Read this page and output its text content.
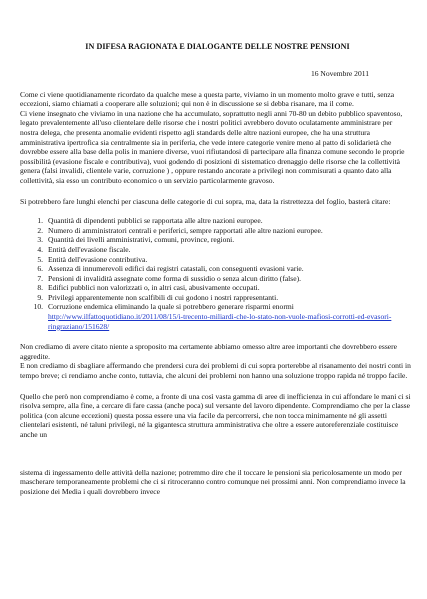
IN DIFESA RAGIONATA E DIALOGANTE DELLE NOSTRE PENSIONI
16 Novembre 2011

Come ci viene quotidianamente ricordato da qualche mese a questa parte, viviamo in un momento molto grave e tutti, senza eccezioni, siamo chiamati a cooperare alle soluzioni; qui non è in discussione se si debba risanare, ma il come.

Ci viene insegnato che viviamo in una nazione che ha accumulato, soprattutto negli anni 70-80 un debito pubblico spaventoso, legato prevalentemente all'uso clientelare delle risorse che i nostri politici avrebbero dovuto oculatamente amministrare per nostra delega, che presenta anomalie evidenti rispetto agli standards delle altre nazioni europee, che ha una struttura amministrativa ipertrofica sia centralmente sia in periferia, che vede intere categorie venire meno al patto di solidarietà che dovrebbe essere alla base della polis in maniere diverse, vuoi rifiutandosi di partecipare alla finanza comune secondo le proprie possibilità (evasione fiscale e contributiva), vuoi godendo di posizioni di sistematico drenaggio delle risorse che la collettività genera (falsi invalidi, clientele varie, corruzione ) , oppure restando ancorate a privilegi non commisurati a quanto dato alla collettività, sia esso un contributo economico o un servizio particolarmente gravoso.

Si potrebbero fare lunghi elenchi per ciascuna delle categorie di cui sopra, ma, data la ristrettezza del foglio, basterà citare:
1. Quantità di dipendenti pubblici se rapportata alle altre nazioni europee.
2. Numero di amministratori centrali e periferici, sempre rapportati alle altre nazioni europee.
3. Quantità dei livelli amministrativi, comuni, province, regioni.
4. Entità dell'evasione fiscale.
5. Entità dell'evasione contributiva.
6. Assenza di innumerevoli edifici dai registri catastali, con conseguenti evasioni varie.
7. Pensioni di invalidità assegnate come forma di sussidio o senza alcun diritto (false).
8. Edifici pubblici non valorizzati o, in altri casi, abusivamente occupati.
9. Privilegi apparentemente non scalfibili di cui godono i nostri rappresentanti.
10. Corruzione endemica eliminando la quale si potrebbero generare risparmi enormi
http://www.ilfattoquotidiano.it/2011/08/15/i-trecento-miliardi-che-lo-stato-non-vuole-mafiosi-corrotti-ed-evasori-ringraziano/151628/

Non crediamo di avere citato niente a sproposito ma certamente abbiamo omesso altre aree importanti che dovrebbero essere aggredite.

E non crediamo di sbagliare affermando che prendersi cura dei problemi di cui sopra porterebbe al risanamento dei nostri conti in tempo breve; ci rendiamo anche conto, tuttavia, che alcuni dei problemi non hanno una soluzione troppo rapida né troppo facile.

Quello che però non comprendiamo è come, a fronte di una così vasta gamma di aree di inefficienza in cui affondare le mani ci si risolva sempre, alla fine, a cercare di fare cassa (anche poca) sul versante del lavoro dipendente. Comprendiamo che per la classe politica (con alcune eccezioni) questa possa essere una via facile da percorrersi, che non tocca minimamente né gli assetti clientelari esistenti, né taluni privilegi, né la gigantesca struttura amministrativa che oltre a essere autoreferenziale costituisce anche un
sistema di ingessamento delle attività della nazione; potremmo dire che il toccare le pensioni sia pericolosamente un modo per mascherare temporaneamente problemi che ci si ritroceranno contro comunque nei prossimi anni. Non comprendiamo invece la posizione dei Media i quali dovrebbero invece
